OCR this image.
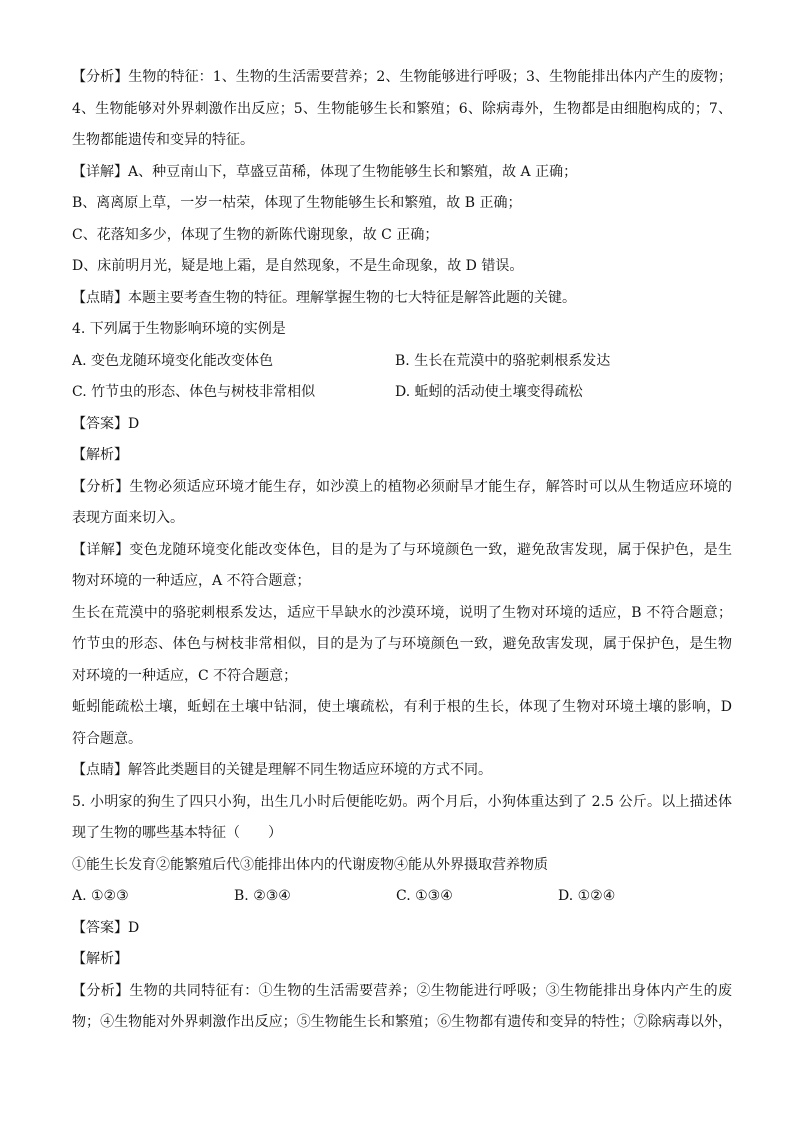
【分析】生物的特征：1、生物的生活需要营养；2、生物能够进行呼吸；3、生物能排出体内产生的废物；

4、生物能够对外界刺激作出反应；5、生物能够生长和繁殖；6、除病毒外，生物都是由细胞构成的；7、

生物都能遗传和变异的特征。

【详解】A、种豆南山下，草盛豆苗稀，体现了生物能够生长和繁殖，故 A 正确；

B、离离原上草，一岁一枯荣，体现了生物能够生长和繁殖，故 B 正确；

C、花落知多少，体现了生物的新陈代谢现象，故 C 正确；

D、床前明月光，疑是地上霜，是自然现象，不是生命现象，故 D 错误。

【点睛】本题主要考查生物的特征。理解掌握生物的七大特征是解答此题的关键。

4. 下列属于生物影响环境的实例是

A. 变色龙随环境变化能改变体色	B. 生长在荒漠中的骆驼刺根系发达
C. 竹节虫的形态、体色与树枝非常相似	D. 蚯蚓的活动使土壤变得疏松

【答案】D

【解析】

【分析】生物必须适应环境才能生存，如沙漠上的植物必须耐旱才能生存，解答时可以从生物适应环境的

表现方面来切入。

【详解】变色龙随环境变化能改变体色，目的是为了与环境颜色一致，避免敌害发现，属于保护色，是生

物对环境的一种适应，A 不符合题意；

生长在荒漠中的骆驼刺根系发达，适应干旱缺水的沙漠环境，说明了生物对环境的适应，B 不符合题意；

竹节虫的形态、体色与树枝非常相似，目的是为了与环境颜色一致，避免敌害发现，属于保护色，是生物

对环境的一种适应，C 不符合题意；

蚯蚓能疏松土壤，蚯蚓在土壤中钻洞，使土壤疏松，有利于根的生长，体现了生物对环境土壤的影响，D

符合题意。

【点睛】解答此类题目的关键是理解不同生物适应环境的方式不同。

5. 小明家的狗生了四只小狗，出生几小时后便能吃奶。两个月后，小狗体重达到了 2.5 公斤。以上描述体

现了生物的哪些基本特征（　　）

①能生长发育②能繁殖后代③能排出体内的代谢废物④能从外界摄取营养物质

A. ①②③	B. ②③④	C. ①③④	D. ①②④

【答案】D

【解析】

【分析】生物的共同特征有：①生物的生活需要营养；②生物能进行呼吸；③生物能排出身体内产生的废

物；④生物能对外界刺激作出反应；⑤生物能生长和繁殖；⑥生物都有遗传和变异的特性；⑦除病毒以外，
